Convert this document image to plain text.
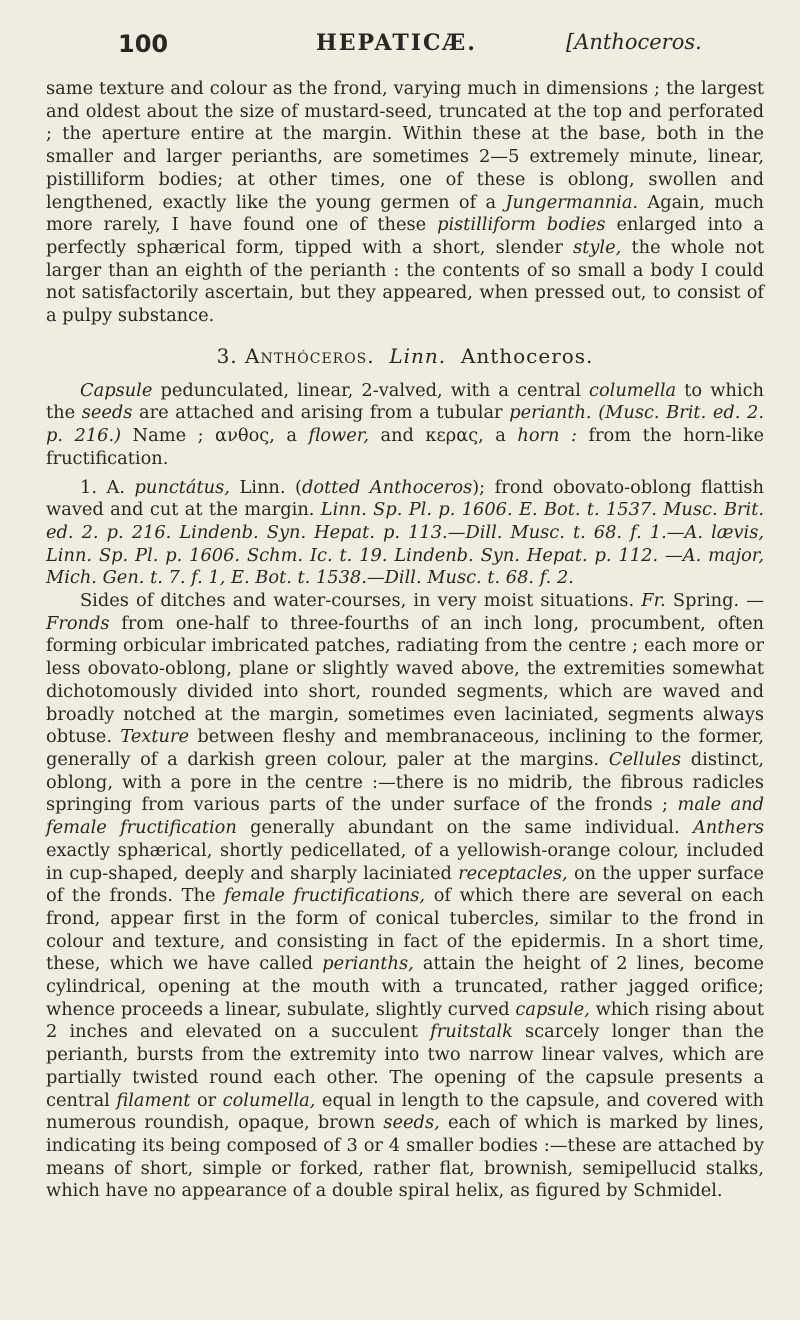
100	HEPATICÆ.	[Anthoceros.

same texture and colour as the frond, varying much in dimensions ; the largest and oldest about the size of mustard-seed, truncated at the top and perforated ; the aperture entire at the margin. Within these at the base, both in the smaller and larger perianths, are sometimes 2—5 extremely minute, linear, pistilliform bodies; at other times, one of these is oblong, swollen and lengthened, exactly like the young germen of a Jungermannia. Again, much more rarely, I have found one of these pistilliform bodies enlarged into a perfectly sphærical form, tipped with a short, slender style, the whole not larger than an eighth of the perianth : the contents of so small a body I could not satisfactorily ascertain, but they appeared, when pressed out, to consist of a pulpy substance.

3. Anthóceros. Linn. Anthoceros.

Capsule pedunculated, linear, 2-valved, with a central columella to which the seeds are attached and arising from a tubular perianth. (Musc. Brit. ed. 2. p. 216.) Name ; ανθος, a flower, and κερας, a horn : from the horn-like fructification.

1. A. punctátus, Linn. (dotted Anthoceros); frond obovato-oblong flattish waved and cut at the margin. Linn. Sp. Pl. p. 1606. E. Bot. t. 1537. Musc. Brit. ed. 2. p. 216. Lindenb. Syn. Hepat. p. 113.—Dill. Musc. t. 68. f. 1.—A. lævis, Linn. Sp. Pl. p. 1606. Schm. Ic. t. 19. Lindenb. Syn. Hepat. p. 112. —A. major, Mich. Gen. t. 7. f. 1, E. Bot. t. 1538.—Dill. Musc. t. 68. f. 2.

Sides of ditches and water-courses, in very moist situations. Fr. Spring. —Fronds from one-half to three-fourths of an inch long, procumbent, often forming orbicular imbricated patches, radiating from the centre ; each more or less obovato-oblong, plane or slightly waved above, the extremities somewhat dichotomously divided into short, rounded segments, which are waved and broadly notched at the margin, sometimes even laciniated, segments always obtuse. Texture between fleshy and membranaceous, inclining to the former, generally of a darkish green colour, paler at the margins. Cellules distinct, oblong, with a pore in the centre :—there is no midrib, the fibrous radicles springing from various parts of the under surface of the fronds ; male and female fructification generally abundant on the same individual. Anthers exactly sphærical, shortly pedicellated, of a yellowish-orange colour, included in cup-shaped, deeply and sharply laciniated receptacles, on the upper surface of the fronds. The female fructifications, of which there are several on each frond, appear first in the form of conical tubercles, similar to the frond in colour and texture, and consisting in fact of the epidermis. In a short time, these, which we have called perianths, attain the height of 2 lines, become cylindrical, opening at the mouth with a truncated, rather jagged orifice; whence proceeds a linear, subulate, slightly curved capsule, which rising about 2 inches and elevated on a succulent fruitstalk scarcely longer than the perianth, bursts from the extremity into two narrow linear valves, which are partially twisted round each other. The opening of the capsule presents a central filament or columella, equal in length to the capsule, and covered with numerous roundish, opaque, brown seeds, each of which is marked by lines, indicating its being composed of 3 or 4 smaller bodies :—these are attached by means of short, simple or forked, rather flat, brownish, semipellucid stalks, which have no appearance of a double spiral helix, as figured by Schmidel.
